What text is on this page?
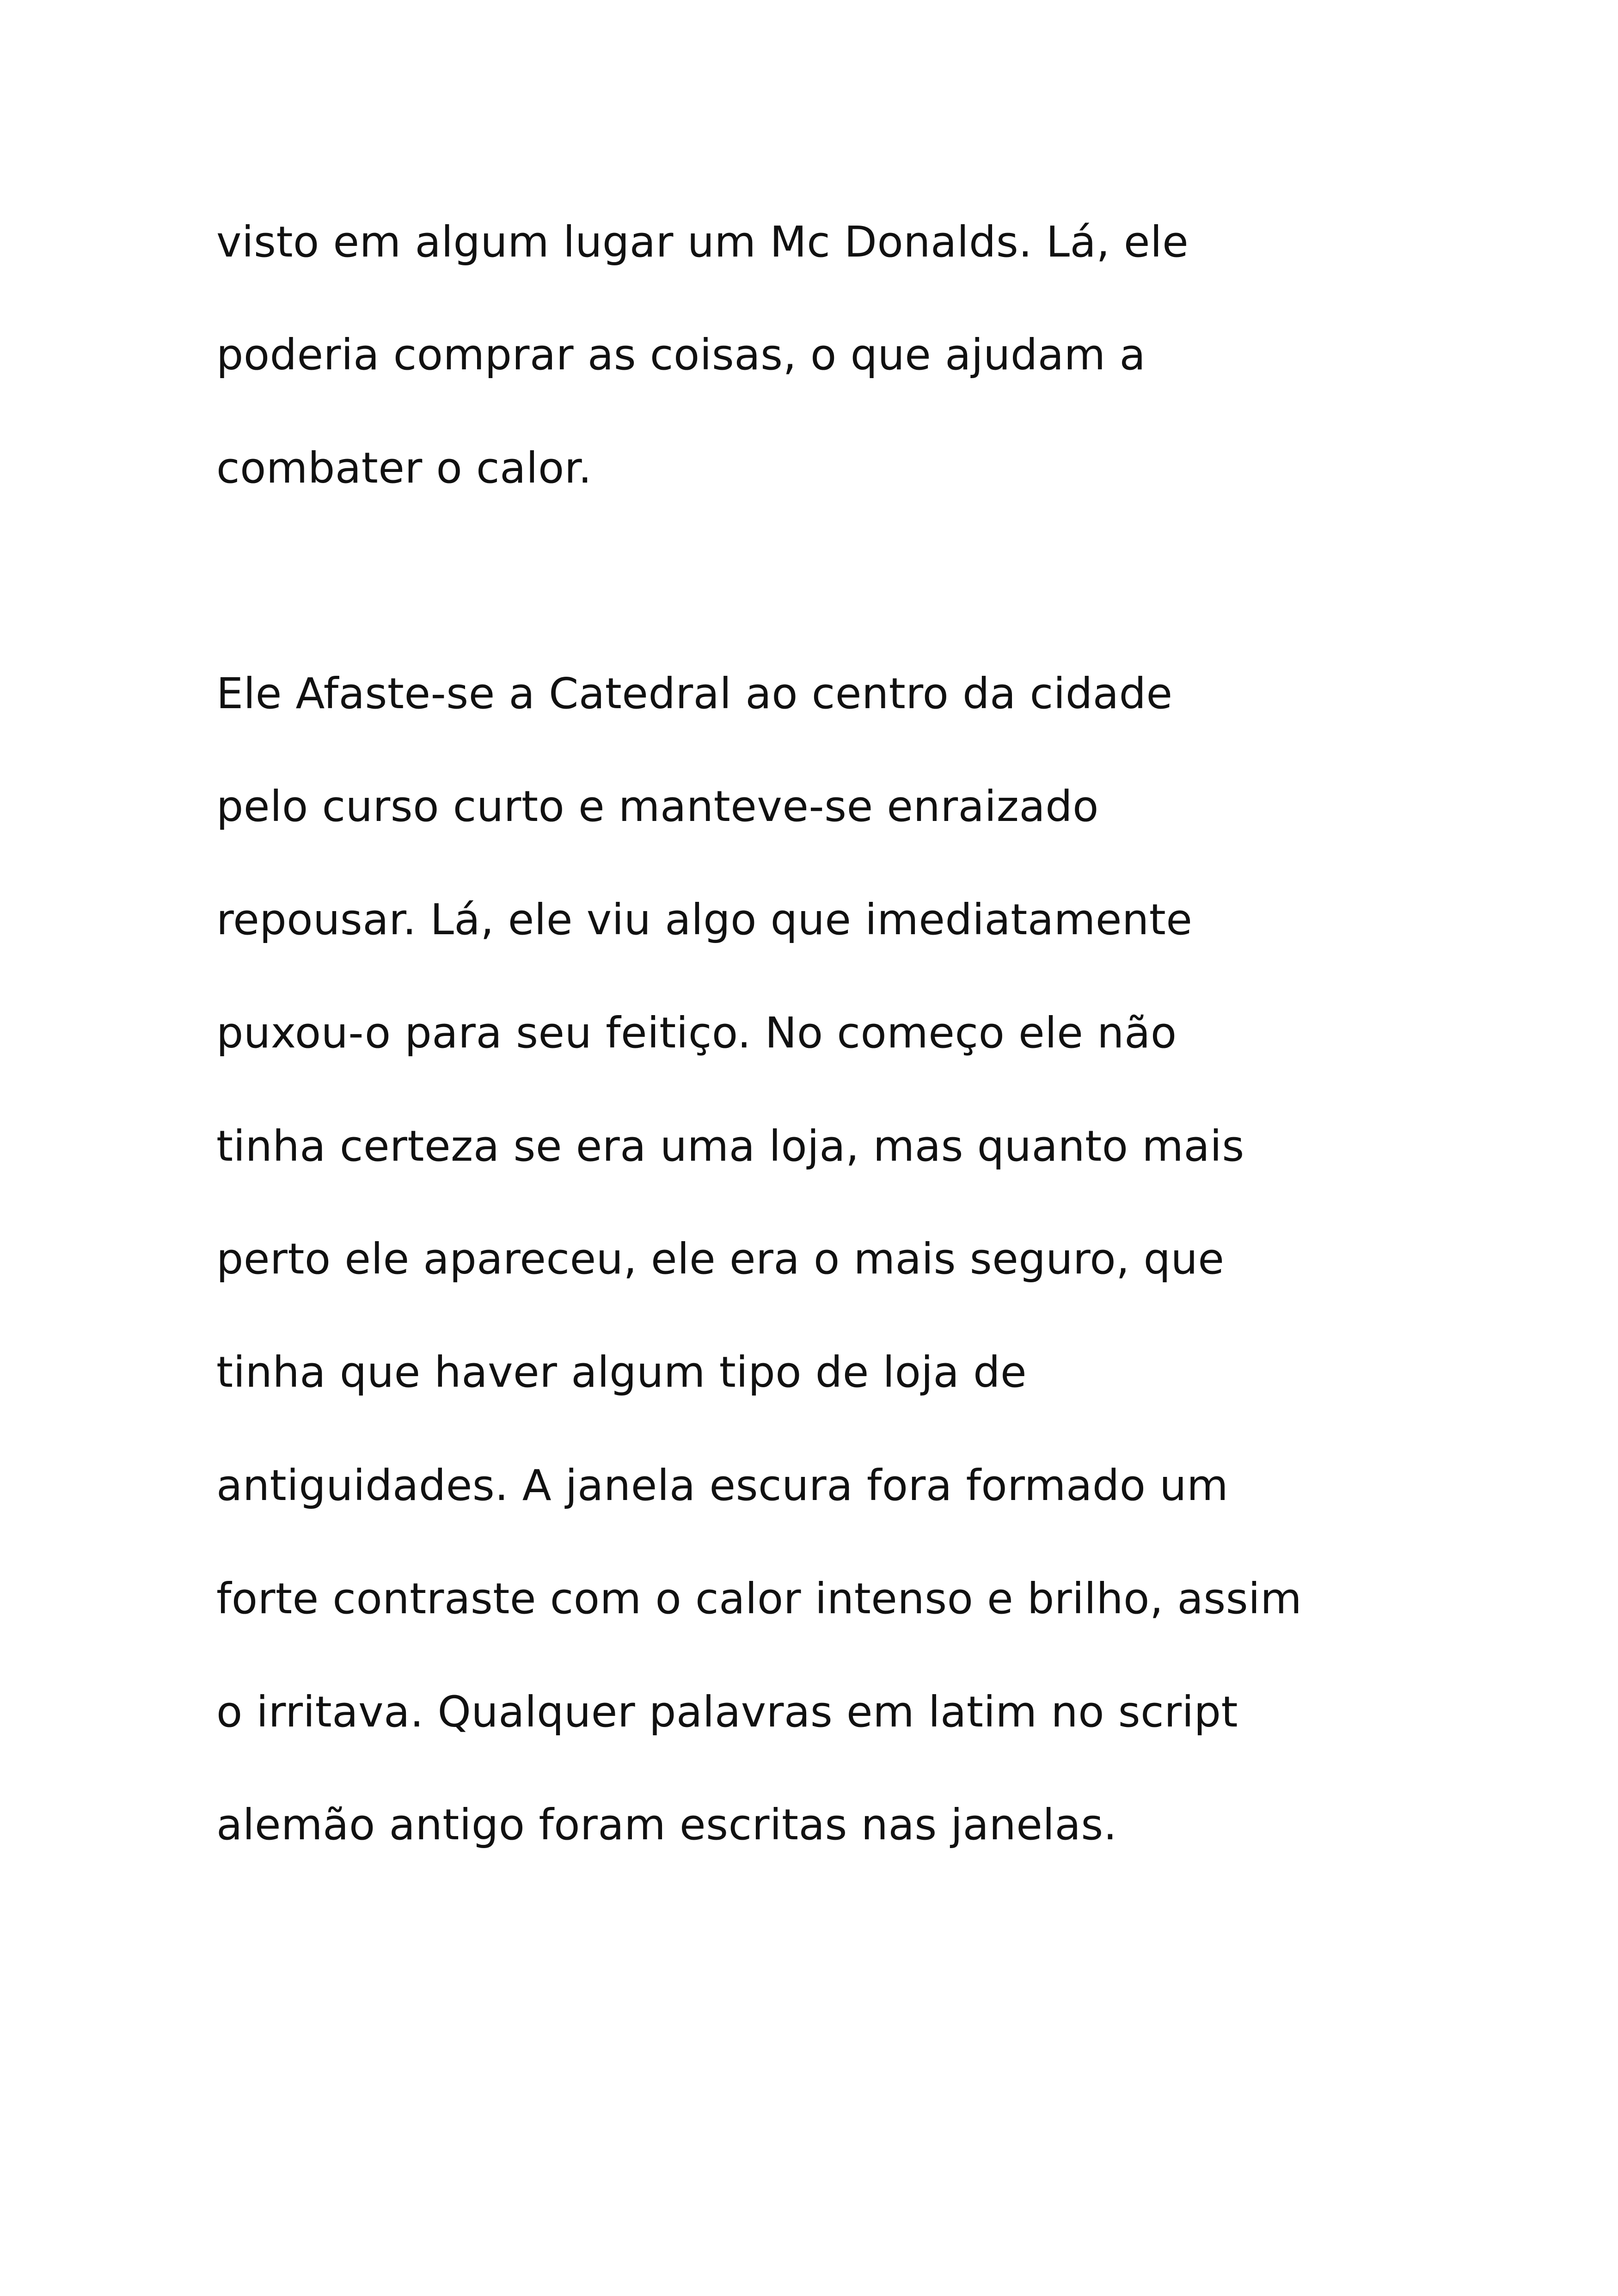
visto em algum lugar um Mc Donalds. Lá, ele
poderia comprar as coisas, o que ajudam a
combater o calor.
Ele Afaste-se a Catedral ao centro da cidade
pelo curso curto e manteve-se enraizado
repousar. Lá, ele viu algo que imediatamente
puxou-o para seu feitiço. No começo ele não
tinha certeza se era uma loja, mas quanto mais
perto ele apareceu, ele era o mais seguro, que
tinha que haver algum tipo de loja de
antiguidades. A janela escura fora formado um
forte contraste com o calor intenso e brilho, assim
o irritava. Qualquer palavras em latim no script
alemão antigo foram escritas nas janelas.
